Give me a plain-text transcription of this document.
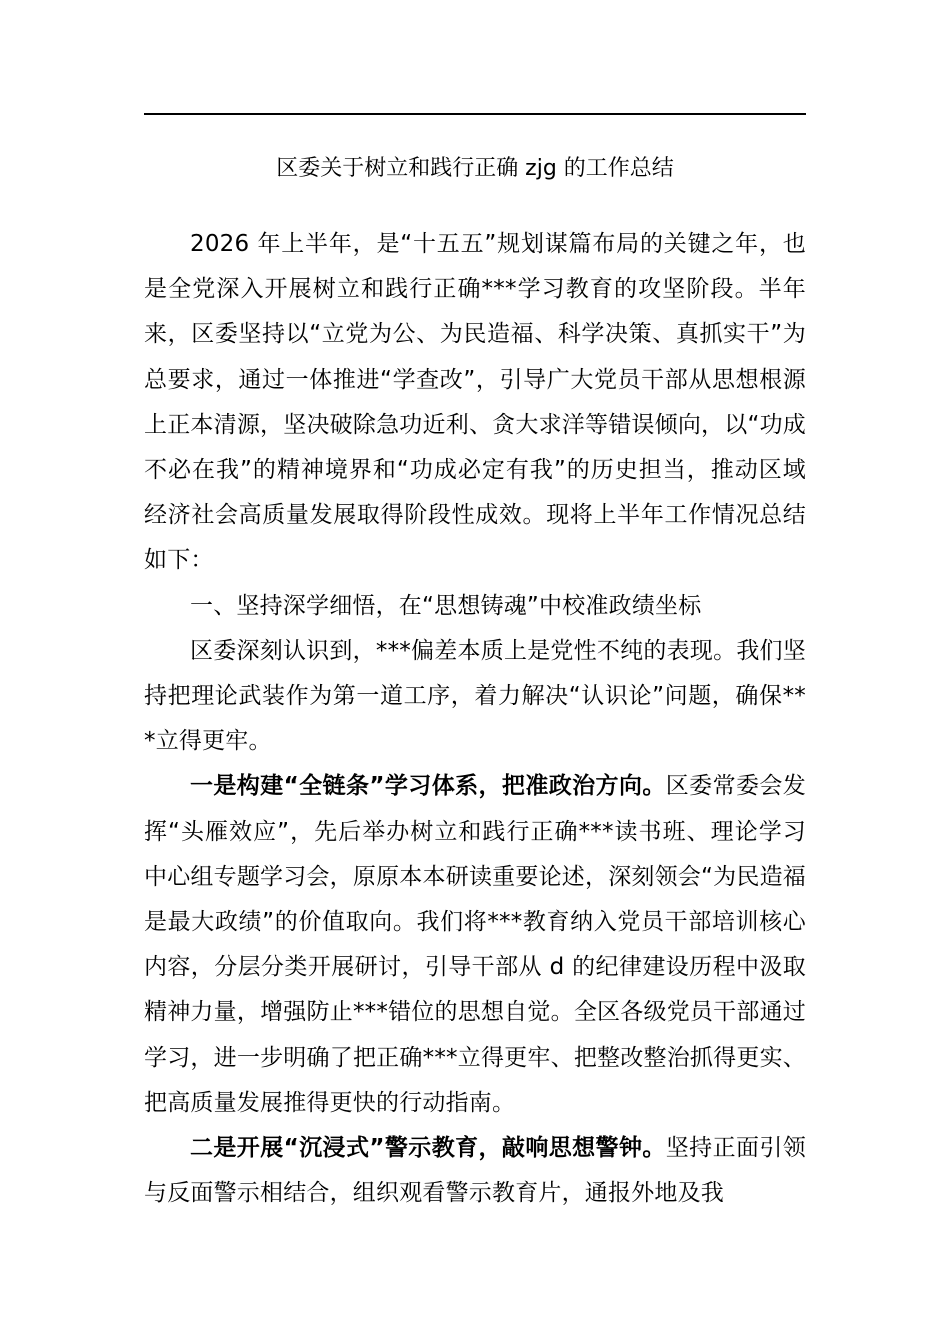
区委关于树立和践行正确 zjg 的工作总结

2026 年上半年，是“十五五”规划谋篇布局的关键之年，也是全党深入开展树立和践行正确***学习教育的攻坚阶段。半年来，区委坚持以“立党为公、为民造福、科学决策、真抓实干”为总要求，通过一体推进“学查改”，引导广大党员干部从思想根源上正本清源，坚决破除急功近利、贪大求洋等错误倾向，以“功成不必在我”的精神境界和“功成必定有我”的历史担当，推动区域经济社会高质量发展取得阶段性成效。现将上半年工作情况总结如下：

一、坚持深学细悟，在“思想铸魂”中校准政绩坐标

区委深刻认识到，***偏差本质上是党性不纯的表现。我们坚持把理论武装作为第一道工序，着力解决“认识论”问题，确保***立得更牢。

一是构建“全链条”学习体系，把准政治方向。区委常委会发挥“头雁效应”，先后举办树立和践行正确***读书班、理论学习中心组专题学习会，原原本本研读重要论述，深刻领会“为民造福是最大政绩”的价值取向。我们将***教育纳入党员干部培训核心内容，分层分类开展研讨，引导干部从 d 的纪律建设历程中汲取精神力量，增强防止***错位的思想自觉。全区各级党员干部通过学习，进一步明确了把正确***立得更牢、把整改整治抓得更实、把高质量发展推得更快的行动指南。

二是开展“沉浸式”警示教育，敲响思想警钟。坚持正面引领与反面警示相结合，组织观看警示教育片，通报外地及我
